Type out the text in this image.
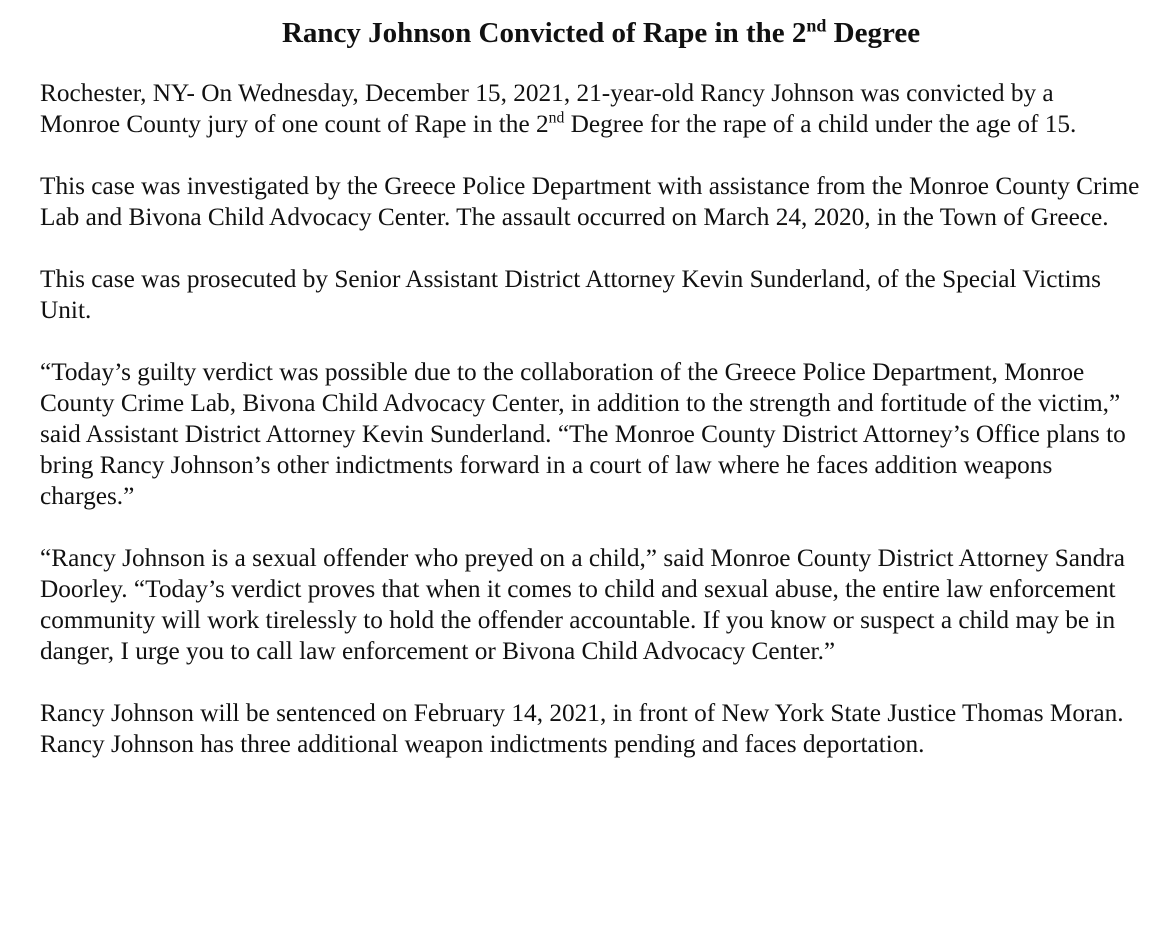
Rancy Johnson Convicted of Rape in the 2nd Degree

Rochester, NY- On Wednesday, December 15, 2021, 21-year-old Rancy Johnson was convicted by a Monroe County jury of one count of Rape in the 2nd Degree for the rape of a child under the age of 15.

This case was investigated by the Greece Police Department with assistance from the Monroe County Crime Lab and Bivona Child Advocacy Center. The assault occurred on March 24, 2020, in the Town of Greece.

This case was prosecuted by Senior Assistant District Attorney Kevin Sunderland, of the Special Victims Unit.

“Today’s guilty verdict was possible due to the collaboration of the Greece Police Department, Monroe County Crime Lab, Bivona Child Advocacy Center, in addition to the strength and fortitude of the victim,” said Assistant District Attorney Kevin Sunderland. “The Monroe County District Attorney’s Office plans to bring Rancy Johnson’s other indictments forward in a court of law where he faces addition weapons charges.”

“Rancy Johnson is a sexual offender who preyed on a child,” said Monroe County District Attorney Sandra Doorley. “Today’s verdict proves that when it comes to child and sexual abuse, the entire law enforcement community will work tirelessly to hold the offender accountable. If you know or suspect a child may be in danger, I urge you to call law enforcement or Bivona Child Advocacy Center.”

Rancy Johnson will be sentenced on February 14, 2021, in front of New York State Justice Thomas Moran. Rancy Johnson has three additional weapon indictments pending and faces deportation.
